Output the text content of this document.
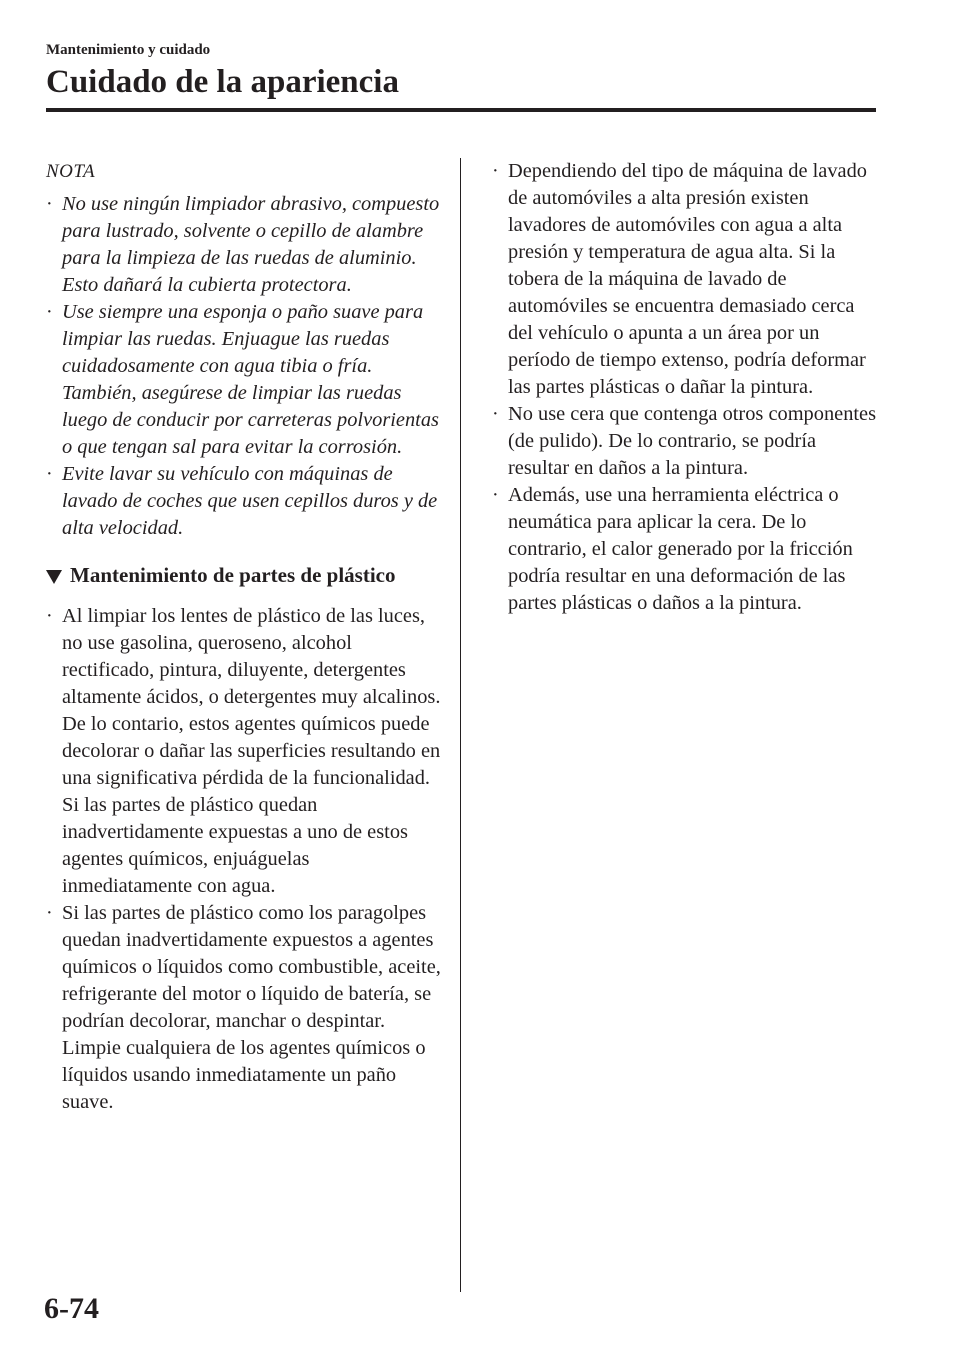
Mantenimiento y cuidado

Cuidado de la apariencia

NOTA

· No use ningún limpiador abrasivo, compuesto para lustrado, solvente o cepillo de alambre para la limpieza de las ruedas de aluminio. Esto dañará la cubierta protectora.
· Use siempre una esponja o paño suave para limpiar las ruedas. Enjuague las ruedas cuidadosamente con agua tibia o fría. También, asegúrese de limpiar las ruedas luego de conducir por carreteras polvorientas o que tengan sal para evitar la corrosión.
· Evite lavar su vehículo con máquinas de lavado de coches que usen cepillos duros y de alta velocidad.
Mantenimiento de partes de plástico
· Al limpiar los lentes de plástico de las luces, no use gasolina, queroseno, alcohol rectificado, pintura, diluyente, detergentes altamente ácidos, o detergentes muy alcalinos. De lo contario, estos agentes químicos puede decolorar o dañar las superficies resultando en una significativa pérdida de la funcionalidad. Si las partes de plástico quedan inadvertidamente expuestas a uno de estos agentes químicos, enjuáguelas inmediatamente con agua.
· Si las partes de plástico como los paragolpes quedan inadvertidamente expuestos a agentes químicos o líquidos como combustible, aceite, refrigerante del motor o líquido de batería, se podrían decolorar, manchar o despintar. Limpie cualquiera de los agentes químicos o líquidos usando inmediatamente un paño suave.
· Dependiendo del tipo de máquina de lavado de automóviles a alta presión existen lavadores de automóviles con agua a alta presión y temperatura de agua alta. Si la tobera de la máquina de lavado de automóviles se encuentra demasiado cerca del vehículo o apunta a un área por un período de tiempo extenso, podría deformar las partes plásticas o dañar la pintura.
· No use cera que contenga otros componentes (de pulido). De lo contrario, se podría resultar en daños a la pintura.
· Además, use una herramienta eléctrica o neumática para aplicar la cera. De lo contrario, el calor generado por la fricción podría resultar en una deformación de las partes plásticas o daños a la pintura.

6-74
